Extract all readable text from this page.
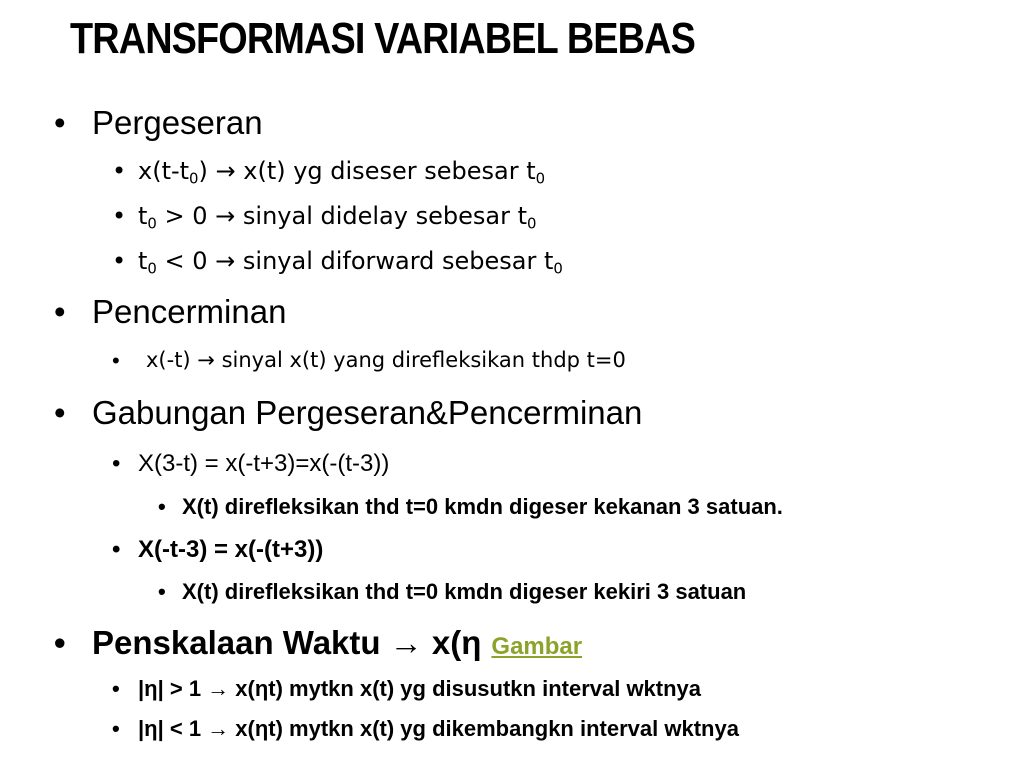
TRANSFORMASI VARIABEL BEBAS
• Pergeseran
• $x(t-t_0) \to x(t)$ yg diseser sebesar $t_0$
• $t_0 > 0$ → sinyal didelay sebesar $t_0$
• $t_0 < 0$ → sinyal diforward sebesar $t_0$
• Pencerminan
• x(-t) → sinyal x(t) yang direfleksikan thdp t=0
• Gabungan Pergeseran&Pencerminan
• X(3-t) = x(-t+3)=x(-(t-3))
• X(t) direfleksikan thd t=0 kmdn digeser kekanan 3 satuan.
• X(-t-3) = x(-(t+3))
• X(t) direfleksikan thd t=0 kmdn digeser kekiri 3 satuan
• Penskalaan Waktu → x(η Gambar
• |η| > 1 → x(ηt) mytkn x(t) yg disusutkn interval wktnya
• |η| < 1 → x(ηt) mytkn x(t) yg dikembangkn interval wktnya
